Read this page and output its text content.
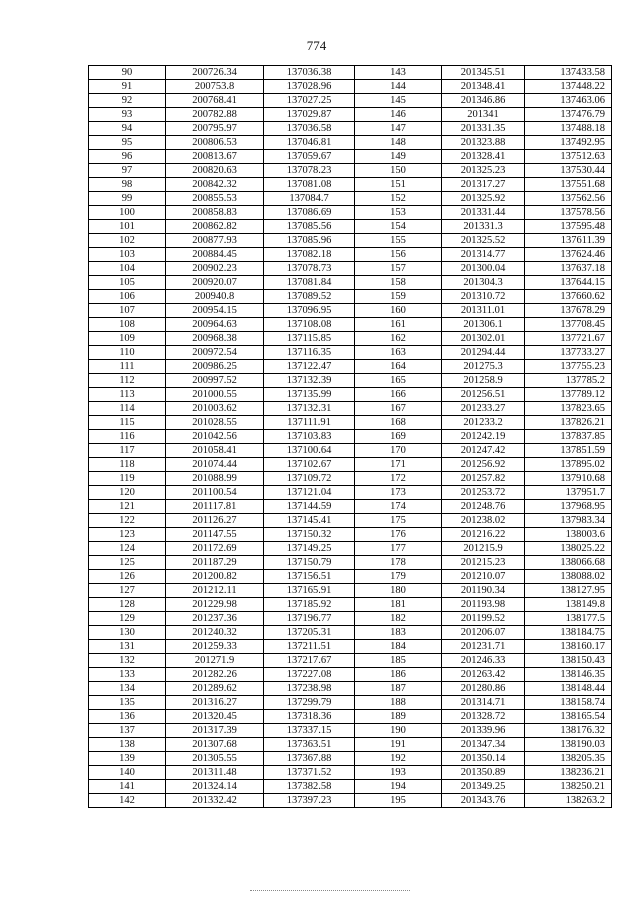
774
90	200726.34	137036.38	143	201345.51	137433.58
91	200753.8	137028.96	144	201348.41	137448.22
92	200768.41	137027.25	145	201346.86	137463.06
93	200782.88	137029.87	146	201341	137476.79
94	200795.97	137036.58	147	201331.35	137488.18
95	200806.53	137046.81	148	201323.88	137492.95
96	200813.67	137059.67	149	201328.41	137512.63
97	200820.63	137078.23	150	201325.23	137530.44
98	200842.32	137081.08	151	201317.27	137551.68
99	200855.53	137084.7	152	201325.92	137562.56
100	200858.83	137086.69	153	201331.44	137578.56
101	200862.82	137085.56	154	201331.3	137595.48
102	200877.93	137085.96	155	201325.52	137611.39
103	200884.45	137082.18	156	201314.77	137624.46
104	200902.23	137078.73	157	201300.04	137637.18
105	200920.07	137081.84	158	201304.3	137644.15
106	200940.8	137089.52	159	201310.72	137660.62
107	200954.15	137096.95	160	201311.01	137678.29
108	200964.63	137108.08	161	201306.1	137708.45
109	200968.38	137115.85	162	201302.01	137721.67
110	200972.54	137116.35	163	201294.44	137733.27
111	200986.25	137122.47	164	201275.3	137755.23
112	200997.52	137132.39	165	201258.9	137785.2
113	201000.55	137135.99	166	201256.51	137789.12
114	201003.62	137132.31	167	201233.27	137823.65
115	201028.55	137111.91	168	201233.2	137826.21
116	201042.56	137103.83	169	201242.19	137837.85
117	201058.41	137100.64	170	201247.42	137851.59
118	201074.44	137102.67	171	201256.92	137895.02
119	201088.99	137109.72	172	201257.82	137910.68
120	201100.54	137121.04	173	201253.72	137951.7
121	201117.81	137144.59	174	201248.76	137968.95
122	201126.27	137145.41	175	201238.02	137983.34
123	201147.55	137150.32	176	201216.22	138003.6
124	201172.69	137149.25	177	201215.9	138025.22
125	201187.29	137150.79	178	201215.23	138066.68
126	201200.82	137156.51	179	201210.07	138088.02
127	201212.11	137165.91	180	201190.34	138127.95
128	201229.98	137185.92	181	201193.98	138149.8
129	201237.36	137196.77	182	201199.52	138177.5
130	201240.32	137205.31	183	201206.07	138184.75
131	201259.33	137211.51	184	201231.71	138160.17
132	201271.9	137217.67	185	201246.33	138150.43
133	201282.26	137227.08	186	201263.42	138146.35
134	201289.62	137238.98	187	201280.86	138148.44
135	201316.27	137299.79	188	201314.71	138158.74
136	201320.45	137318.36	189	201328.72	138165.54
137	201317.39	137337.15	190	201339.96	138176.32
138	201307.68	137363.51	191	201347.34	138190.03
139	201305.55	137367.88	192	201350.14	138205.35
140	201311.48	137371.52	193	201350.89	138236.21
141	201324.14	137382.58	194	201349.25	138250.21
142	201332.42	137397.23	195	201343.76	138263.2
